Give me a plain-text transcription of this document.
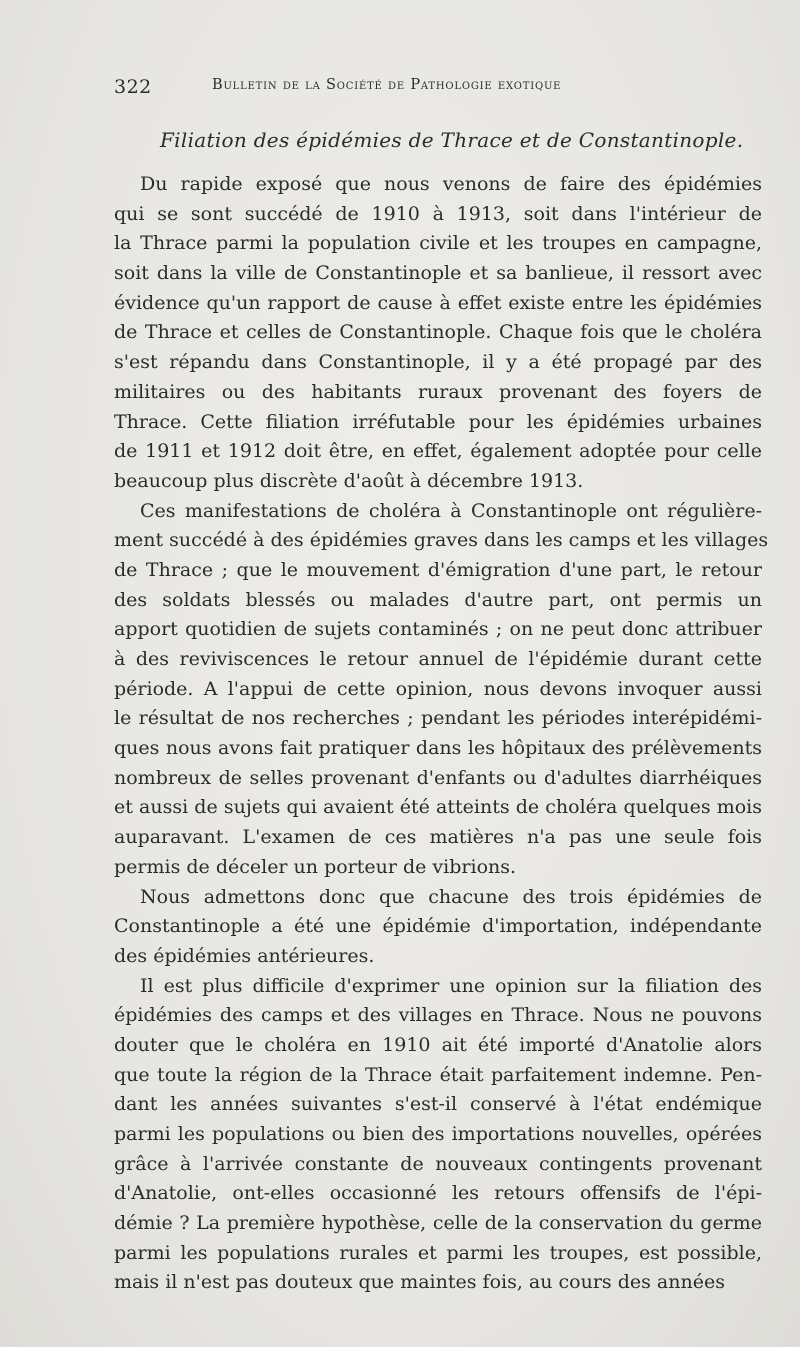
322	Bulletin de la Société de Pathologie exotique
Filiation des épidémies de Thrace et de Constantinople.
Du rapide exposé que nous venons de faire des épidémies
qui se sont succédé de 1910 à 1913, soit dans l'intérieur de
la Thrace parmi la population civile et les troupes en campagne,
soit dans la ville de Constantinople et sa banlieue, il ressort avec
évidence qu'un rapport de cause à effet existe entre les épidémies
de Thrace et celles de Constantinople. Chaque fois que le choléra
s'est répandu dans Constantinople, il y a été propagé par des
militaires ou des habitants ruraux provenant des foyers de
Thrace. Cette filiation irréfutable pour les épidémies urbaines
de 1911 et 1912 doit être, en effet, également adoptée pour celle
beaucoup plus discrète d'août à décembre 1913.
Ces manifestations de choléra à Constantinople ont régulière-
ment succédé à des épidémies graves dans les camps et les villages
de Thrace ; que le mouvement d'émigration d'une part, le retour
des soldats blessés ou malades d'autre part, ont permis un
apport quotidien de sujets contaminés ; on ne peut donc attribuer
à des reviviscences le retour annuel de l'épidémie durant cette
période. A l'appui de cette opinion, nous devons invoquer aussi
le résultat de nos recherches ; pendant les périodes interépidémi-
ques nous avons fait pratiquer dans les hôpitaux des prélèvements
nombreux de selles provenant d'enfants ou d'adultes diarrhéiques
et aussi de sujets qui avaient été atteints de choléra quelques mois
auparavant. L'examen de ces matières n'a pas une seule fois
permis de déceler un porteur de vibrions.
Nous admettons donc que chacune des trois épidémies de
Constantinople a été une épidémie d'importation, indépendante
des épidémies antérieures.
Il est plus difficile d'exprimer une opinion sur la filiation des
épidémies des camps et des villages en Thrace. Nous ne pouvons
douter que le choléra en 1910 ait été importé d'Anatolie alors
que toute la région de la Thrace était parfaitement indemne. Pen-
dant les années suivantes s'est-il conservé à l'état endémique
parmi les populations ou bien des importations nouvelles, opérées
grâce à l'arrivée constante de nouveaux contingents provenant
d'Anatolie, ont-elles occasionné les retours offensifs de l'épi-
démie ? La première hypothèse, celle de la conservation du germe
parmi les populations rurales et parmi les troupes, est possible,
mais il n'est pas douteux que maintes fois, au cours des années
